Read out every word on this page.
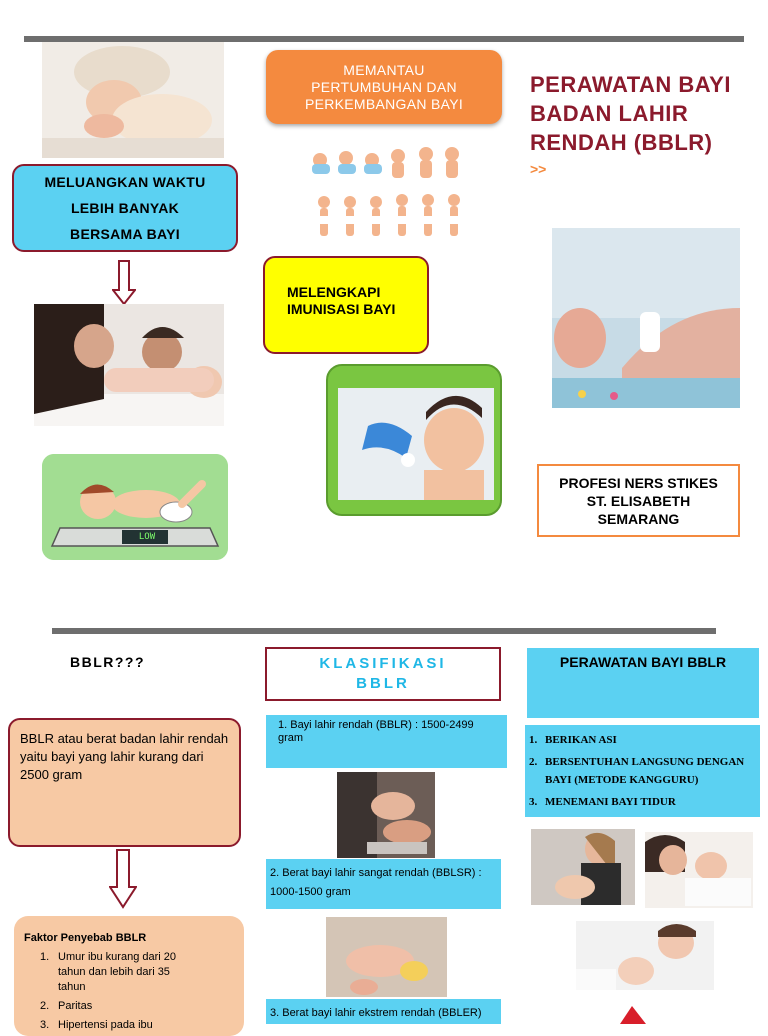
MEMANTAU
PERTUMBUHAN DAN
PERKEMBANGAN BAYI
PERAWATAN BAYI BADAN LAHIR RENDAH (BBLR)
>>
MELUANGKAN WAKTU LEBIH BANYAK BERSAMA BAYI
LOW
MELENGKAPI IMUNISASI BAYI
PROFESI NERS STIKES ST. ELISABETH SEMARANG
BBLR???
BBLR atau berat badan lahir rendah yaitu bayi yang lahir kurang dari 2500 gram
Faktor Penyebab BBLR
1. Umur ibu kurang dari 20 tahun dan lebih dari 35 tahun
2. Paritas
3. Hipertensi pada ibu
KLASIFIKASI
BBLR
1. Bayi lahir rendah (BBLR) : 1500-2499 gram
2. Berat bayi lahir sangat rendah (BBLSR) :
1000-1500 gram
3. Berat bayi lahir ekstrem rendah (BBLER)
PERAWATAN BAYI BBLR
1. BERIKAN ASI
2. BERSENTUHAN LANGSUNG DENGAN BAYI (METODE KANGGURU)
3. MENEMANI BAYI TIDUR
